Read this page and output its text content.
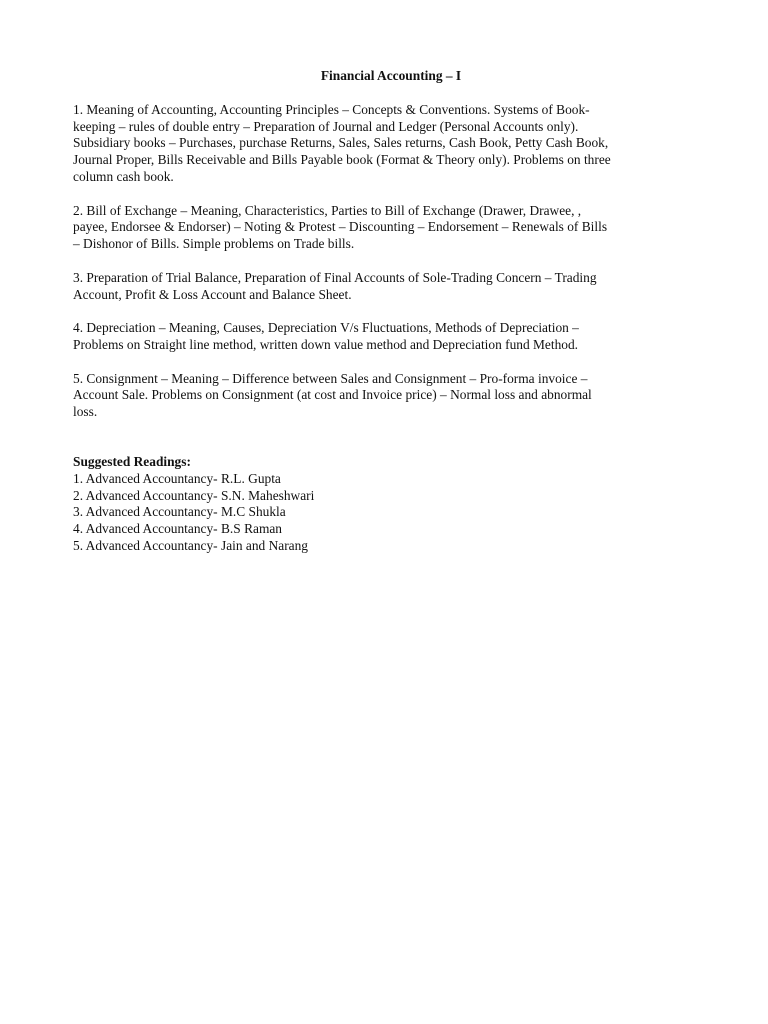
Financial Accounting – I
1. Meaning of Accounting, Accounting Principles – Concepts & Conventions. Systems of Book-
keeping – rules of double entry – Preparation of Journal and Ledger (Personal Accounts only).
Subsidiary books – Purchases, purchase Returns, Sales, Sales returns, Cash Book, Petty Cash Book,
Journal Proper, Bills Receivable and Bills Payable book (Format & Theory only). Problems on three
column cash book.
2. Bill of Exchange – Meaning, Characteristics, Parties to Bill of Exchange (Drawer, Drawee, ,
payee, Endorsee & Endorser) – Noting & Protest – Discounting – Endorsement – Renewals of Bills
– Dishonor of Bills. Simple problems on Trade bills.
3. Preparation of Trial Balance, Preparation of Final Accounts of Sole-Trading Concern – Trading
Account, Profit & Loss Account and Balance Sheet.
4. Depreciation – Meaning, Causes, Depreciation V/s Fluctuations, Methods of Depreciation –
Problems on Straight line method, written down value method and Depreciation fund Method.
5. Consignment – Meaning – Difference between Sales and Consignment – Pro-forma invoice –
Account Sale. Problems on Consignment (at cost and Invoice price) – Normal loss and abnormal
loss.
Suggested Readings:
1. Advanced Accountancy- R.L. Gupta
2. Advanced Accountancy- S.N. Maheshwari
3. Advanced Accountancy- M.C Shukla
4. Advanced Accountancy- B.S Raman
5. Advanced Accountancy- Jain and Narang
